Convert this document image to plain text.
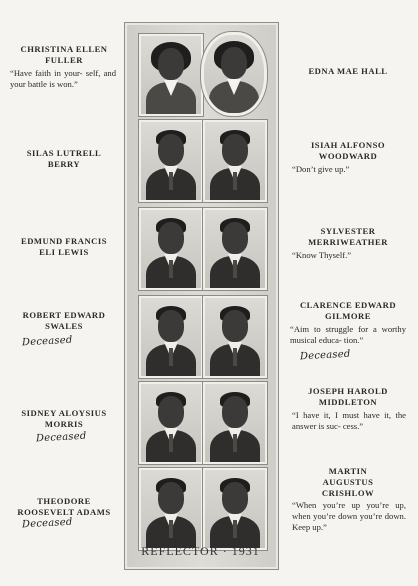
CHRISTINA ELLEN
FULLER
“Have faith in your- self, and your battle is won.”
SILAS LUTRELL
BERRY
EDMUND FRANCIS
ELI LEWIS
ROBERT EDWARD
SWALES
Deceased
SIDNEY ALOYSIUS
MORRIS
Deceased
THEODORE
ROOSEVELT ADAMS
Deceased
REFLECTOR · 1931
EDNA MAE HALL
ISIAH ALFONSO
WOODWARD
“Don’t give up.”
SYLVESTER
MERRIWEATHER
“Know Thyself.”
CLARENCE EDWARD
GILMORE
“Aim to struggle for a worthy musical educa- tion.”
Deceased
JOSEPH HAROLD
MIDDLETON
“I have it, I must have it, the answer is suc- cess.”
MARTIN
AUGUSTUS
CRISHLOW
“When you’re up you’re up, when you’re down you’re down. Keep up.”
